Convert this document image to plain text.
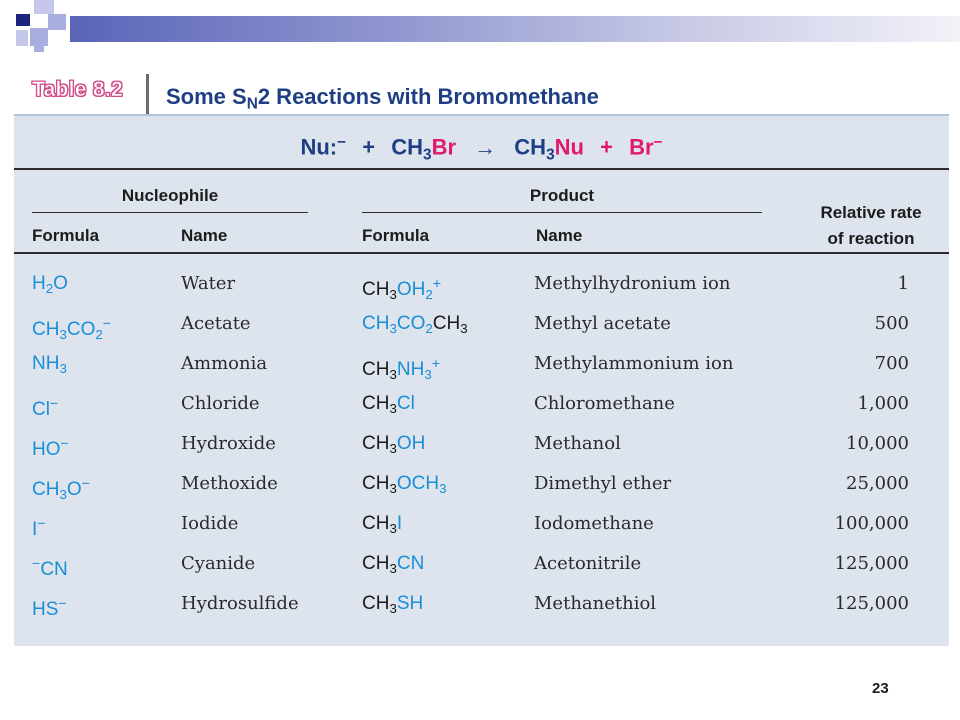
Table 8.2 Some $S_N2$ Reactions with Bromomethane
Nu:− + $CH_3Br \to CH_3Nu + Br^-$
Nucleophile	Product
Relative rate
of reaction
Formula	Name	Formula	Name
$H_2O$	Water	$CH_3OH_2^+$	Methylhydronium ion	1
$CH_3CO_2^-$	Acetate	$CH_3CO_2CH_3$	Methyl acetate	500
$NH_3$	Ammonia	$CH_3NH_3^+$	Methylammonium ion	700
Cl−	Chloride	$CH_3Cl$	Chloromethane	1,000
HO−	Hydroxide	$CH_3OH$	Methanol	10,000
$CH_3O^-$	Methoxide	$CH_3OCH_3$	Dimethyl ether	25,000
I−	Iodide	$CH_3I$	Iodomethane	100,000
−CN	Cyanide	$CH_3CN$	Acetonitrile	125,000
HS−	Hydrosulfide	$CH_3SH$	Methanethiol	125,000
23
